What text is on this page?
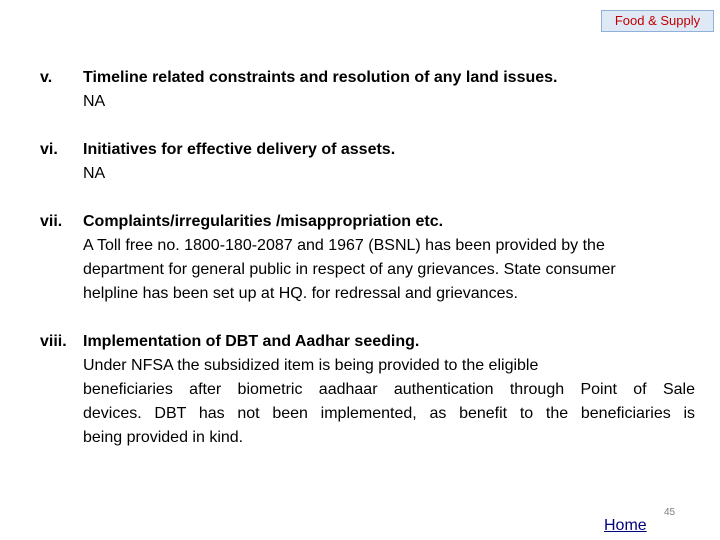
Food & Supply
v. Timeline related constraints and resolution of any land issues.
NA
vi. Initiatives for effective delivery of assets.
NA
vii. Complaints/irregularities /misappropriation etc.
A Toll free no. 1800-180-2087 and 1967 (BSNL) has been provided by the
department for general public in respect of any grievances. State consumer
helpline has been set up at HQ. for redressal and grievances.
viii. Implementation of DBT and Aadhar seeding.
Under NFSA the subsidized item is being provided to the eligible
beneficiaries after biometric aadhaar authentication through Point of Sale
devices. DBT has not been implemented, as benefit to the beneficiaries is
being provided in kind.
Home
45
